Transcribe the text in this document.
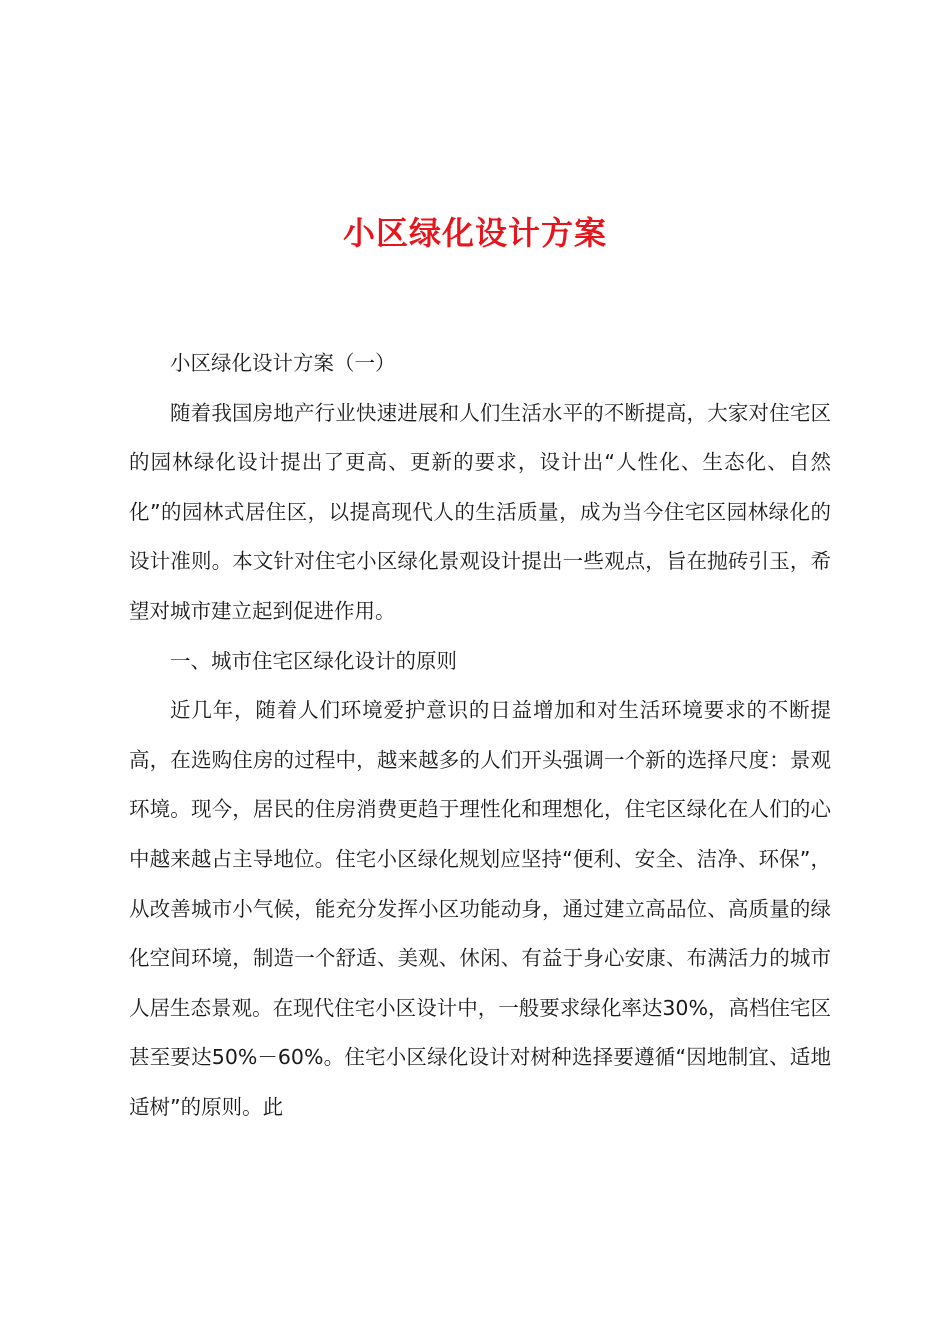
小区绿化设计方案

小区绿化设计方案（一）

随着我国房地产行业快速进展和人们生活水平的不断提高，大家对住宅区的园林绿化设计提出了更高、更新的要求，设计出“人性化、生态化、自然化”的园林式居住区，以提高现代人的生活质量，成为当今住宅区园林绿化的设计准则。本文针对住宅小区绿化景观设计提出一些观点，旨在抛砖引玉，希望对城市建立起到促进作用。

一、城市住宅区绿化设计的原则

近几年，随着人们环境爱护意识的日益增加和对生活环境要求的不断提高，在选购住房的过程中，越来越多的人们开头强调一个新的选择尺度：景观环境。现今，居民的住房消费更趋于理性化和理想化，住宅区绿化在人们的心中越来越占主导地位。住宅小区绿化规划应坚持“便利、安全、洁净、环保”，从改善城市小气候，能充分发挥小区功能动身，通过建立高品位、高质量的绿化空间环境，制造一个舒适、美观、休闲、有益于身心安康、布满活力的城市人居生态景观。在现代住宅小区设计中，一般要求绿化率达30%，高档住宅区甚至要达50%－60%。住宅小区绿化设计对树种选择要遵循“因地制宜、适地适树”的原则。此
